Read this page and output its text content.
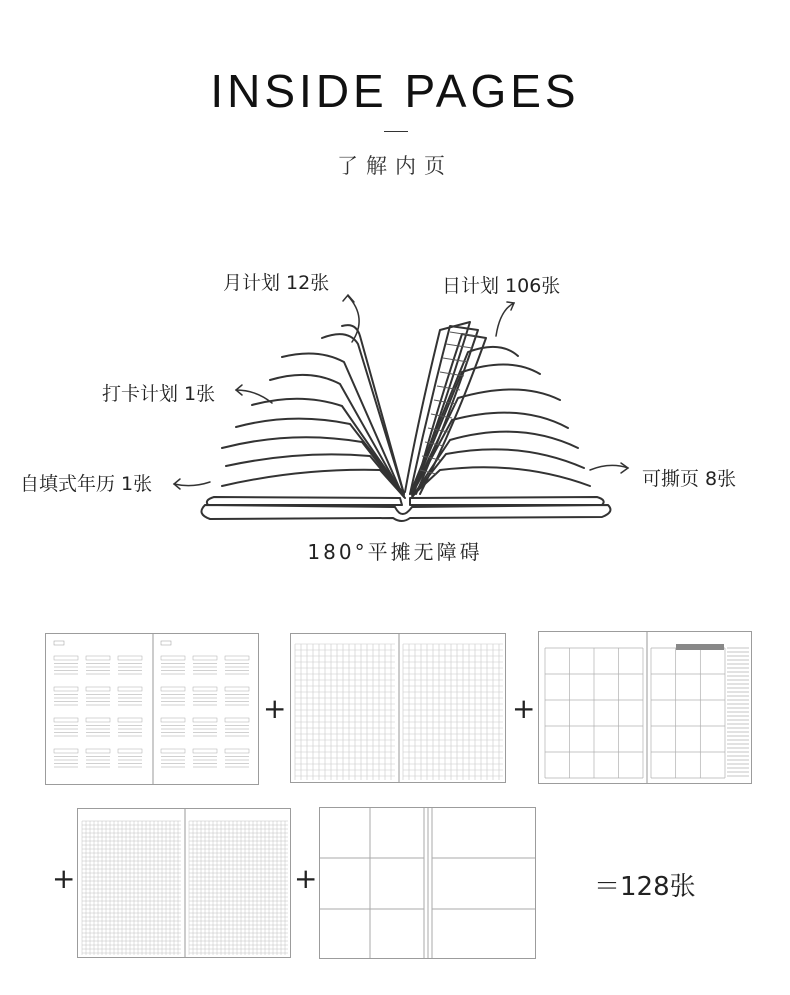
INSIDE PAGES
了解内页
月计划 12张	日计划 106张
打卡计划 1张
自填式年历 1张	可撕页 8张
180°平摊无障碍
+	+
+	+	＝128张
